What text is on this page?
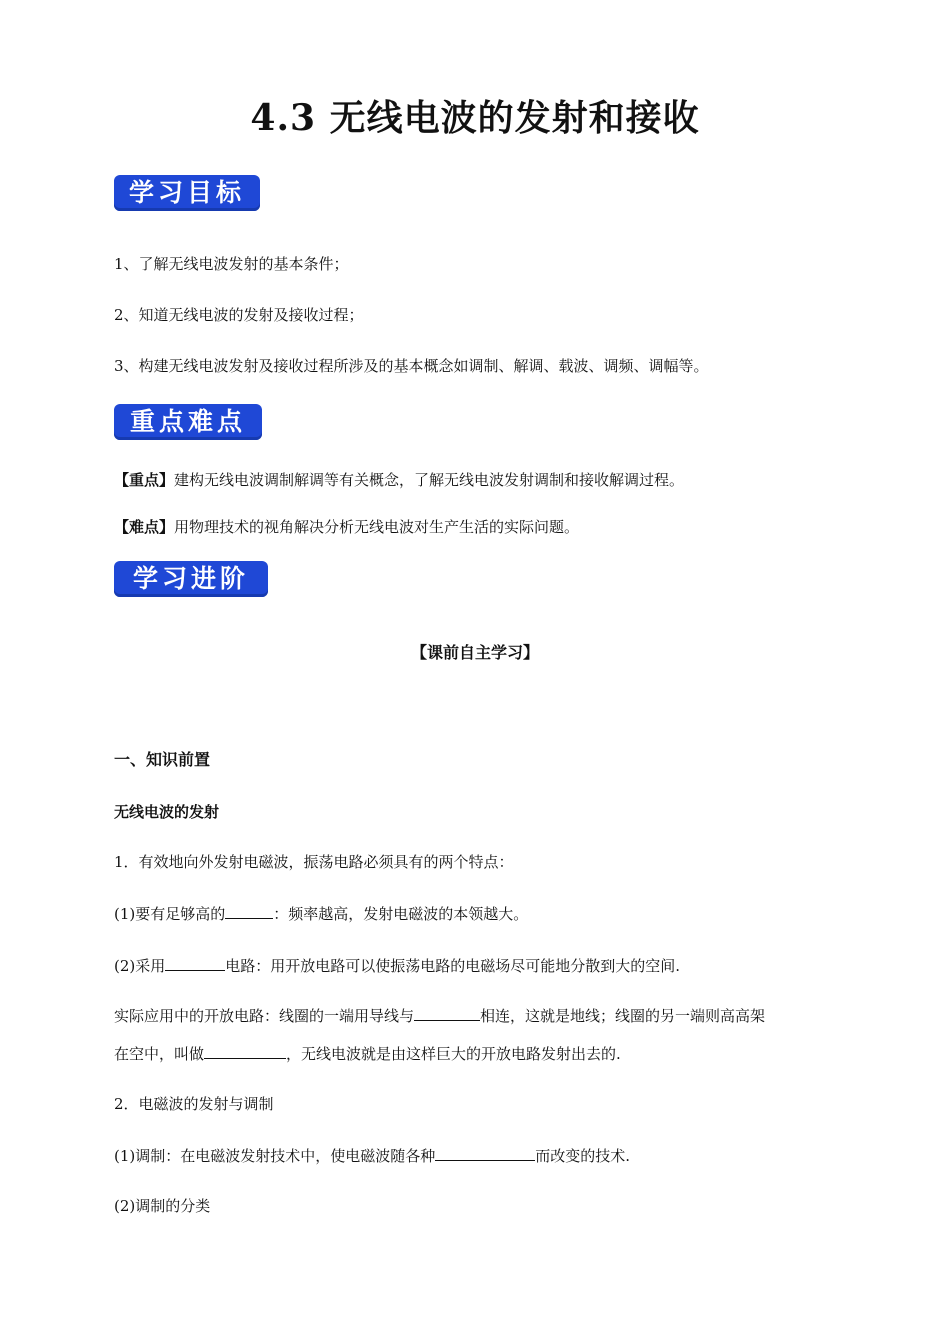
4.3 无线电波的发射和接收
学习目标
1、了解无线电波发射的基本条件；
2、知道无线电波的发射及接收过程；
3、构建无线电波发射及接收过程所涉及的基本概念如调制、解调、载波、调频、调幅等。
重点难点
【重点】建构无线电波调制解调等有关概念，了解无线电波发射调制和接收解调过程。
【难点】用物理技术的视角解决分析无线电波对生产生活的实际问题。
学习进阶
【课前自主学习】
一、知识前置
无线电波的发射
1．有效地向外发射电磁波，振荡电路必须具有的两个特点：
(1)要有足够高的	：频率越高，发射电磁波的本领越大。
(2)采用	电路：用开放电路可以使振荡电路的电磁场尽可能地分散到大的空间.
实际应用中的开放电路：线圈的一端用导线与	相连，这就是地线；线圈的另一端则高高架
在空中，叫做	，无线电波就是由这样巨大的开放电路发射出去的.
2．电磁波的发射与调制
(1)调制：在电磁波发射技术中，使电磁波随各种	而改变的技术.
(2)调制的分类
